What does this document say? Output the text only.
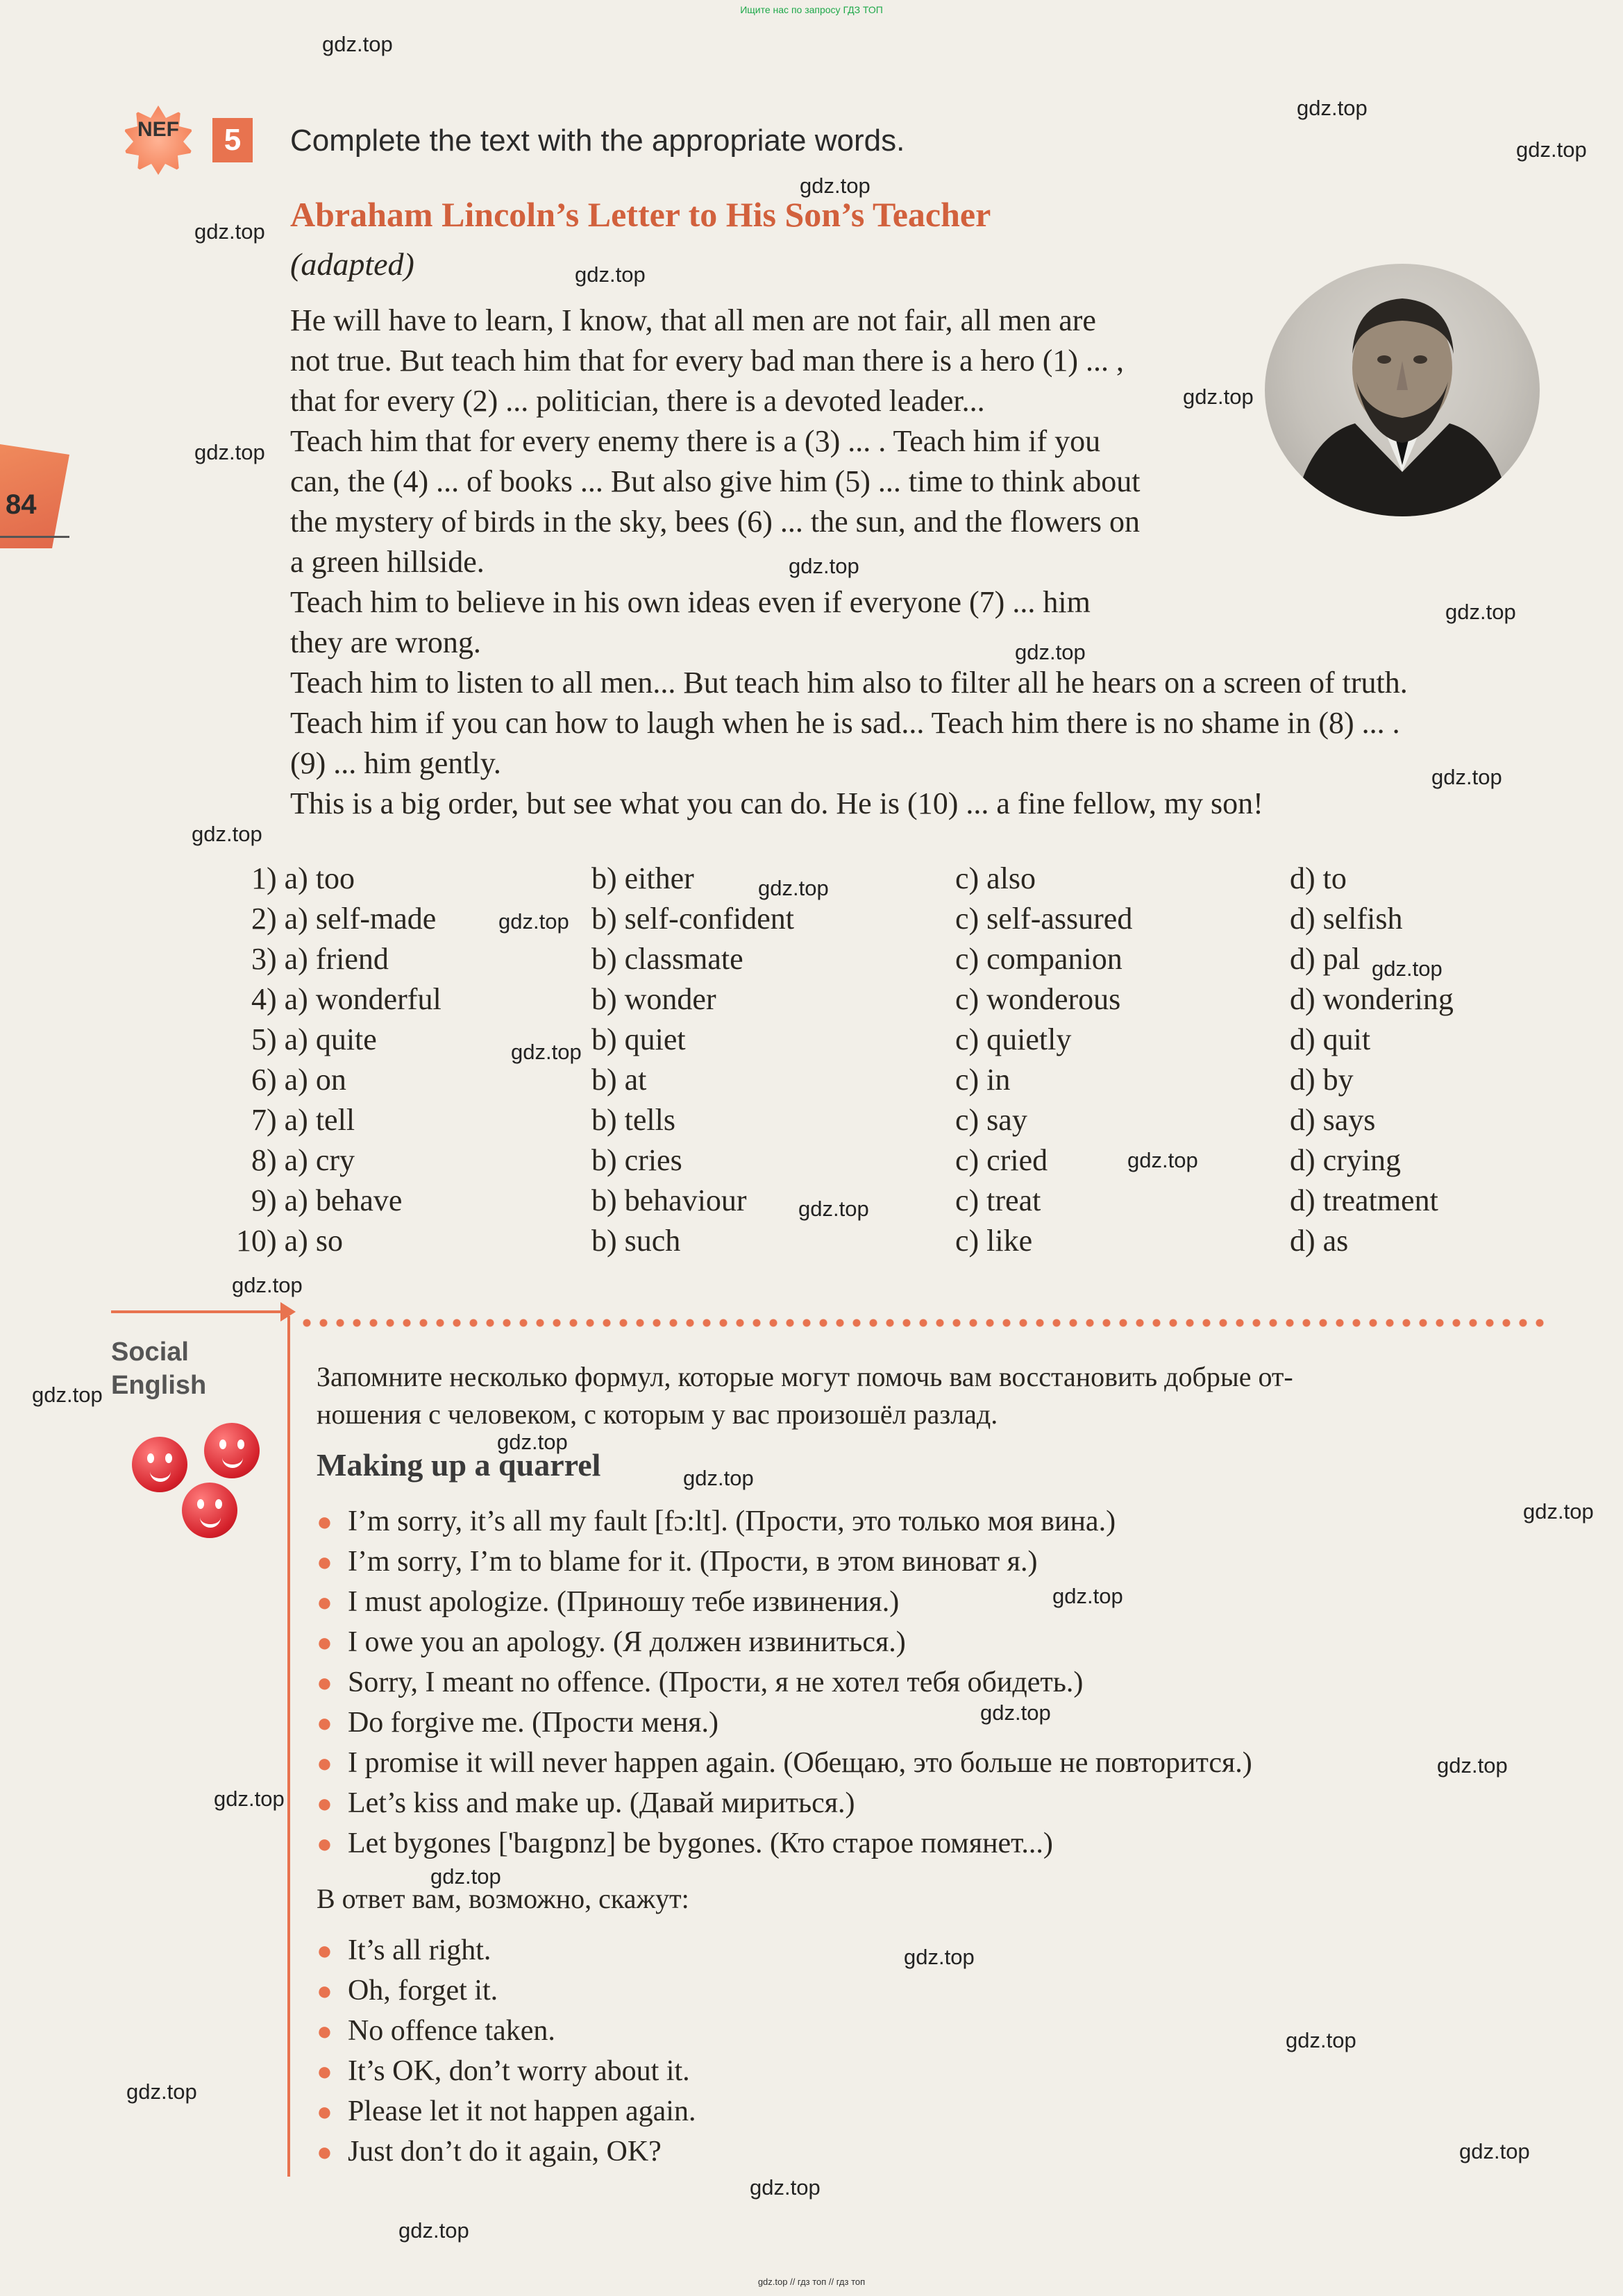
Ищите нас по запросу ГДЗ ТОП
84
NEF	5	Complete the text with the appropriate words.
Abraham Lincoln’s Letter to His Son’s Teacher
(adapted)
He will have to learn, I know, that all men are not fair, all men are
not true. But teach him that for every bad man there is a hero (1) ... ,
that for every (2) ... politician, there is a devoted leader...
Teach him that for every enemy there is a (3) ... . Teach him if you
can, the (4) ... of books ... But also give him (5) ... time to think about
the mystery of birds in the sky, bees (6) ... the sun, and the flowers on
a green hillside.
Teach him to believe in his own ideas even if everyone (7) ... him
they are wrong.
Teach him to listen to all men... But teach him also to filter all he hears on a screen of truth.
Teach him if you can how to laugh when he is sad... Teach him there is no shame in (8) ... .
(9) ... him gently.
This is a big order, but see what you can do. He is (10) ... a fine fellow, my son!
1) a) too	b) either	c) also	d) to
2) a) self-made	b) self-confident	c) self-assured	d) selfish
3) a) friend	b) classmate	c) companion	d) pal
4) a) wonderful	b) wonder	c) wonderous	d) wondering
5) a) quite	b) quiet	c) quietly	d) quit
6) a) on	b) at	c) in	d) by
7) a) tell	b) tells	c) say	d) says
8) a) cry	b) cries	c) cried	d) crying
9) a) behave	b) behaviour	c) treat	d) treatment
10) a) so	b) such	c) like	d) as
Social
English	Запомните несколько формул, которые могут помочь вам восстановить добрые от-
ношения с человеком, с которым у вас произошёл разлад.
Making up a quarrel
● I’m sorry, it’s all my fault [fɔ:lt]. (Прости, это только моя вина.)
● I’m sorry, I’m to blame for it. (Прости, в этом виноват я.)
● I must apologize. (Приношу тебе извинения.)
● I owe you an apology. (Я должен извиниться.)
● Sorry, I meant no offence. (Прости, я не хотел тебя обидеть.)
● Do forgive me. (Прости меня.)
● I promise it will never happen again. (Обещаю, это больше не повторится.)
● Let’s kiss and make up. (Давай мириться.)
● Let bygones ['baɪgɒnz] be bygones. (Кто старое помянет...)
В ответ вам, возможно, скажут:
● It’s all right.
● Oh, forget it.
● No offence taken.
● It’s OK, don’t worry about it.
● Please let it not happen again.
● Just don’t do it again, OK?
gdz.top
gdz.top
gdz.top
gdz.top
gdz.top
gdz.top
gdz.top
gdz.top
gdz.top
gdz.top
gdz.top
gdz.top
gdz.top
gdz.top
gdz.top
gdz.top
gdz.top
gdz.top
gdz.top
gdz.top
gdz.top
gdz.top
gdz.top
gdz.top
gdz.top
gdz.top
gdz.top
gdz.top
gdz.top
gdz.top
gdz.top
gdz.top
gdz.top
gdz.top
gdz.top
gdz.top // гдз топ // гдз топ
